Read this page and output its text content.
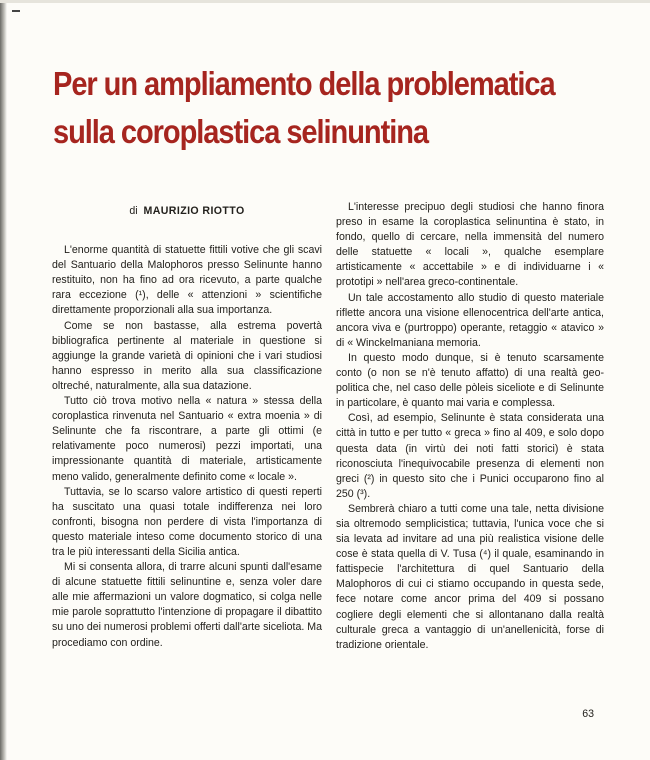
Per un ampliamento della problematica
sulla coroplastica selinuntina
di MAURIZIO RIOTTO

L'enorme quantità di statuette fittili votive che gli scavi del Santuario della Malophoros presso Selinunte hanno restituito, non ha fino ad ora ricevuto, a parte qualche rara eccezione (¹), delle « attenzioni » scientifiche direttamente proporzionali alla sua importanza.

Come se non bastasse, alla estrema povertà bibliografica pertinente al materiale in questione si aggiunge la grande varietà di opinioni che i vari studiosi hanno espresso in merito alla sua classificazione oltreché, naturalmente, alla sua datazione.

Tutto ciò trova motivo nella « natura » stessa della coroplastica rinvenuta nel Santuario « extra moenia » di Selinunte che fa riscontrare, a parte gli ottimi (e relativamente poco numerosi) pezzi importati, una impressionante quantità di materiale, artisticamente meno valido, generalmente definito come « locale ».

Tuttavia, se lo scarso valore artistico di questi reperti ha suscitato una quasi totale indifferenza nei loro confronti, bisogna non perdere di vista l'importanza di questo materiale inteso come documento storico di una tra le più interessanti della Sicilia antica.

Mi si consenta allora, di trarre alcuni spunti dall'esame di alcune statuette fittili selinuntine e, senza voler dare alle mie affermazioni un valore dogmatico, si colga nelle mie parole soprattutto l'intenzione di propagare il dibattito su uno dei numerosi problemi offerti dall'arte siceliota. Ma procediamo con ordine.

L'interesse precipuo degli studiosi che hanno finora preso in esame la coroplastica selinuntina è stato, in fondo, quello di cercare, nella immensità del numero delle statuette « locali », qualche esemplare artisticamente « accettabile » e di individuarne i « prototipi » nell'area greco-continentale.

Un tale accostamento allo studio di questo materiale riflette ancora una visione ellenocentrica dell'arte antica, ancora viva e (purtroppo) operante, retaggio « atavico » di « Winckelmaniana memoria.

In questo modo dunque, si è tenuto scarsamente conto (o non se n'è tenuto affatto) di una realtà geo-politica che, nel caso delle pòleis siceliote e di Selinunte in particolare, è quanto mai varia e complessa.

Così, ad esempio, Selinunte è stata considerata una città in tutto e per tutto « greca » fino al 409, e solo dopo questa data (in virtù dei noti fatti storici) è stata riconosciuta l'inequivocabile presenza di elementi non greci (²) in questo sito che i Punici occuparono fino al 250 (³).

Sembrerà chiaro a tutti come una tale, netta divisione sia oltremodo semplicistica; tuttavia, l'unica voce che si sia levata ad invitare ad una più realistica visione delle cose è stata quella di V. Tusa (⁴) il quale, esaminando in fattispecie l'architettura di quel Santuario della Malophoros di cui ci stiamo occupando in questa sede, fece notare come ancor prima del 409 si possano cogliere degli elementi che si allontanano dalla realtà culturale greca a vantaggio di un'anellenicità, forse di tradizione orientale.

63
